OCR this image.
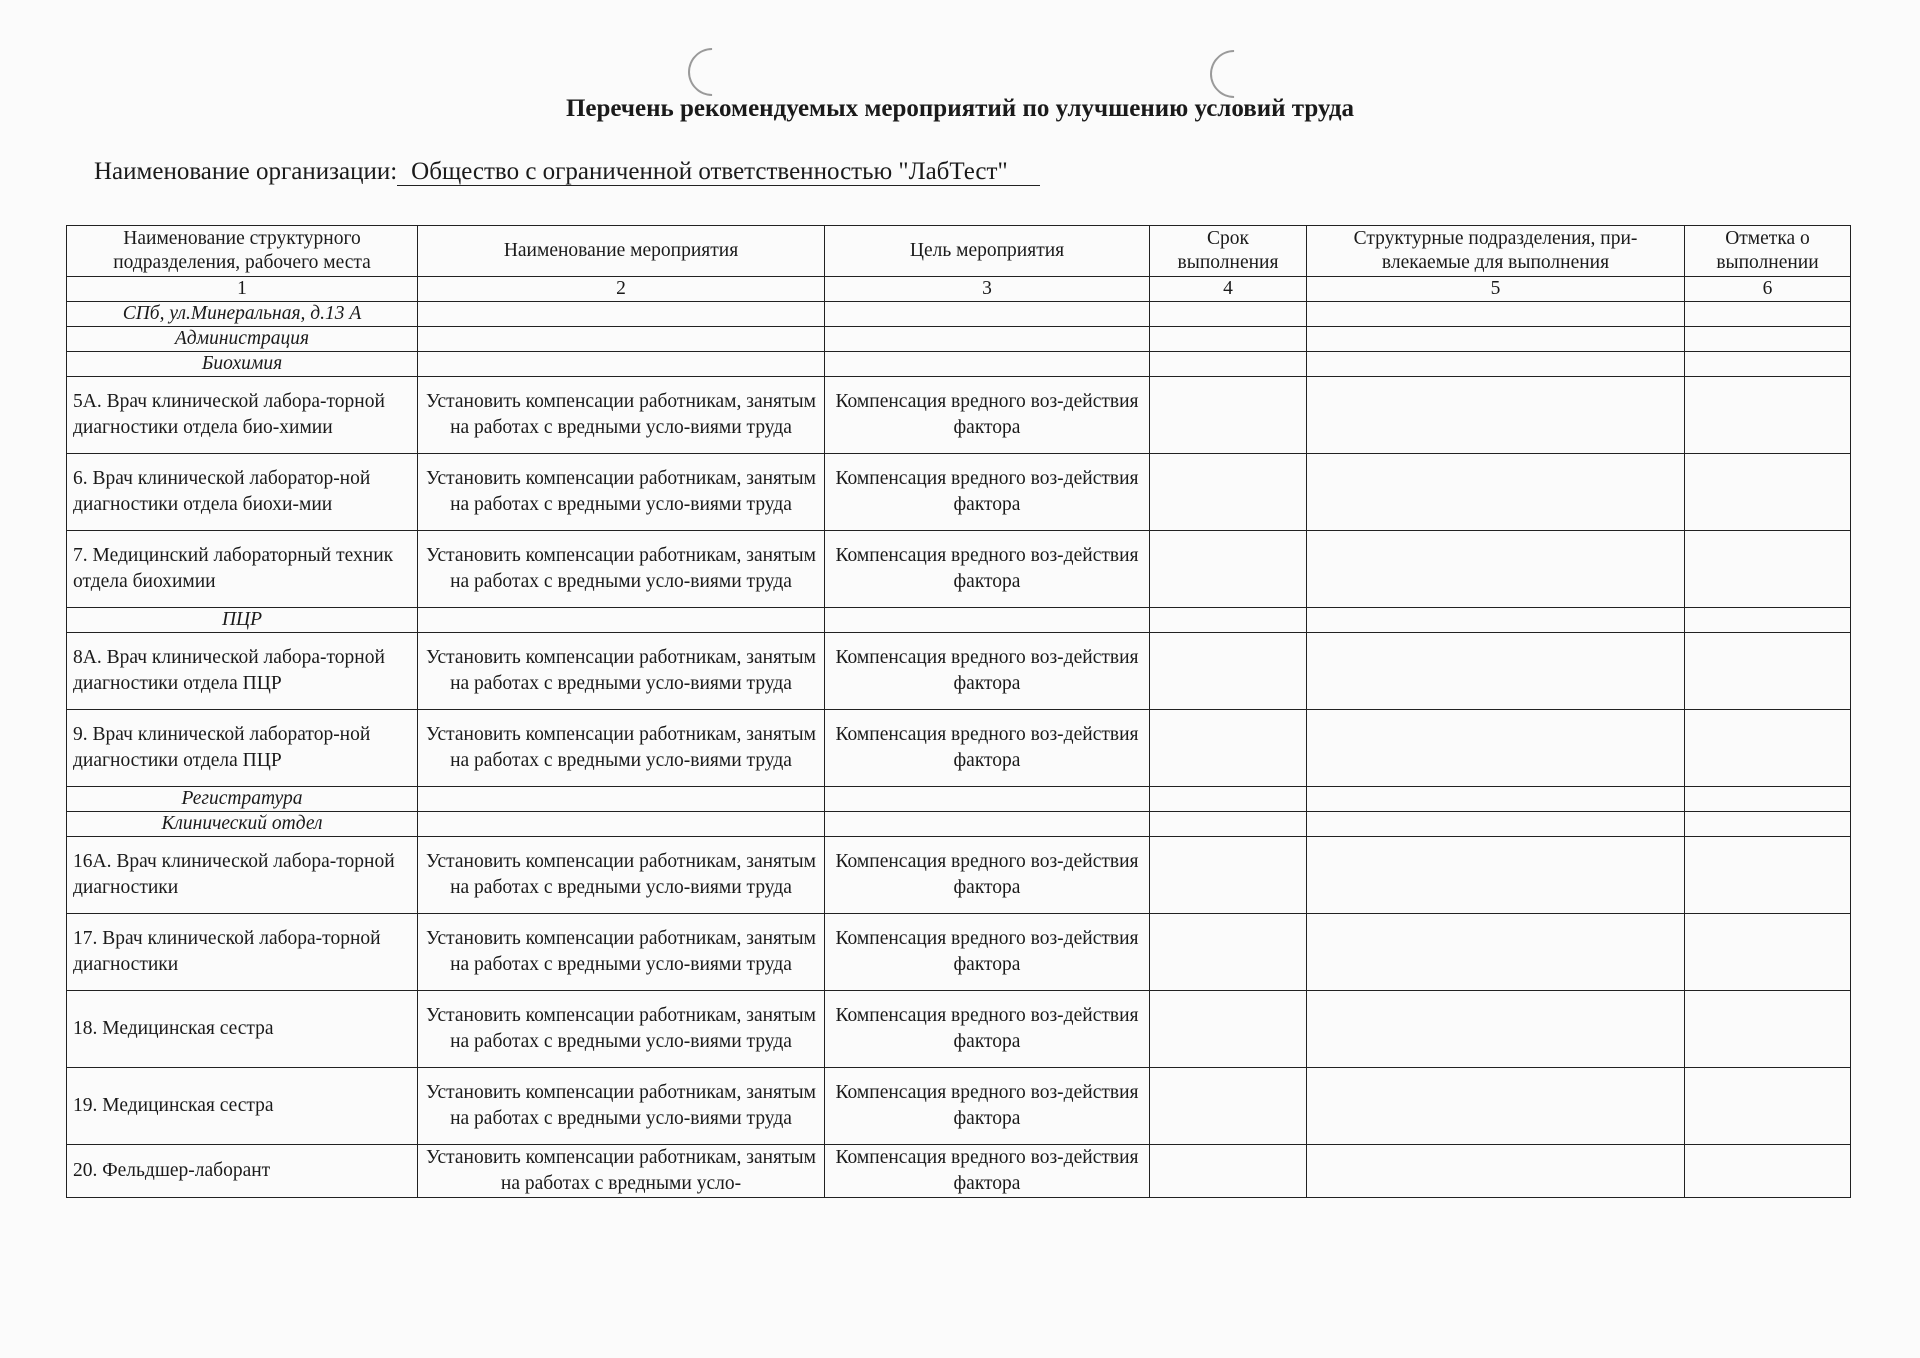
Перечень рекомендуемых мероприятий по улучшению условий труда
Наименование организации: Общество с ограниченной ответственностью "ЛабТест"
Наименование структурного подразделения, рабочего места	Наименование мероприятия	Цель мероприятия	Срок выполнения	Структурные подразделения, при-влекаемые для выполнения	Отметка о выполнении
1	2	3	4	5	6
СПб, ул.Минеральная, д.13 А					
Администрация					
Биохимия					
5А. Врач клинической лабора-торной диагностики отдела био-химии	Установить компенсации работникам, занятым на работах с вредными усло-виями труда	Компенсация вредного воз-действия фактора			
6. Врач клинической лаборатор-ной диагностики отдела биохи-мии	Установить компенсации работникам, занятым на работах с вредными усло-виями труда	Компенсация вредного воз-действия фактора			
7. Медицинский лабораторный техник отдела биохимии	Установить компенсации работникам, занятым на работах с вредными усло-виями труда	Компенсация вредного воз-действия фактора			
ПЦР					
8А. Врач клинической лабора-торной диагностики отдела ПЦР	Установить компенсации работникам, занятым на работах с вредными усло-виями труда	Компенсация вредного воз-действия фактора			
9. Врач клинической лаборатор-ной диагностики отдела ПЦР	Установить компенсации работникам, занятым на работах с вредными усло-виями труда	Компенсация вредного воз-действия фактора			
Регистратура					
Клинический отдел					
16А. Врач клинической лабора-торной диагностики	Установить компенсации работникам, занятым на работах с вредными усло-виями труда	Компенсация вредного воз-действия фактора			
17. Врач клинической лабора-торной диагностики	Установить компенсации работникам, занятым на работах с вредными усло-виями труда	Компенсация вредного воз-действия фактора			
18. Медицинская сестра	Установить компенсации работникам, занятым на работах с вредными усло-виями труда	Компенсация вредного воз-действия фактора			
19. Медицинская сестра	Установить компенсации работникам, занятым на работах с вредными усло-виями труда	Компенсация вредного воз-действия фактора			
20. Фельдшер-лаборант	Установить компенсации работникам, занятым на работах с вредными усло-	Компенсация вредного воз-действия фактора			
